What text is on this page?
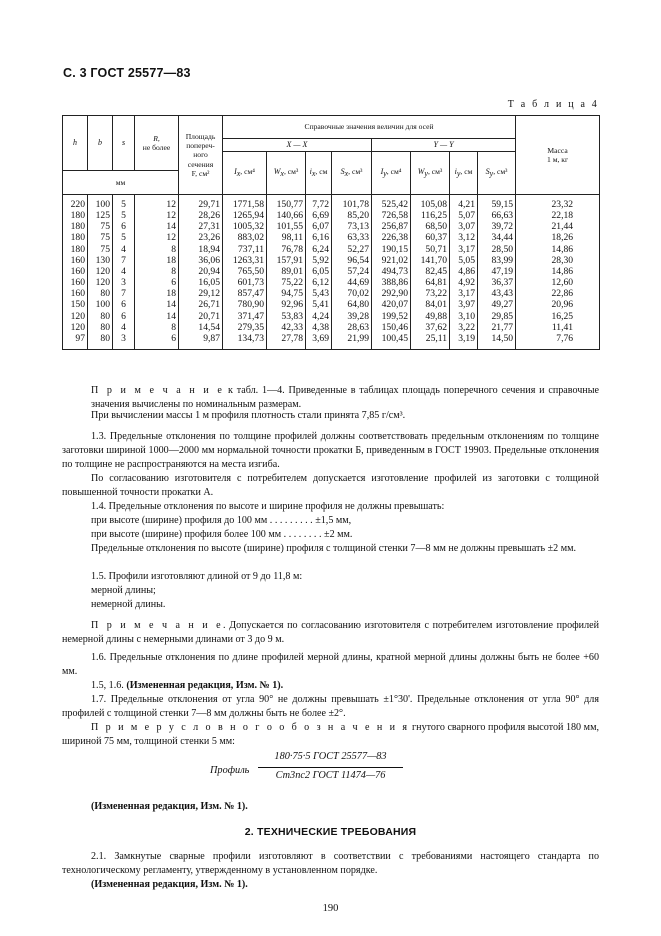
С. 3 ГОСТ 25577—83
Т а б л и ц а 4
h	b	s	R,
не более	Площадь
попереч-
ного
сечения
F, см²	Справочные значения величин для осей								Масса
1 м, кг
					X — X				Y — Y				
					$I_x$, см⁴	$W_x$, см³	$i_x$, см	$S_x$, см³	$I_y$, см⁴	$W_y$, см³	$i_y$, см	$S_y$, см³	
мм													
220	100	5	12	29,71	1771,58	150,77	7,72	101,78	525,42	105,08	4,21	59,15	23,32
180	125	5	12	28,26	1265,94	140,66	6,69	85,20	726,58	116,25	5,07	66,63	22,18
180	75	6	14	27,31	1005,32	101,55	6,07	73,13	256,87	68,50	3,07	39,72	21,44
180	75	5	12	23,26	883,02	98,11	6,16	63,33	226,38	60,37	3,12	34,44	18,26
180	75	4	8	18,94	737,11	76,78	6,24	52,27	190,15	50,71	3,17	28,50	14,86
160	130	7	18	36,06	1263,31	157,91	5,92	96,54	921,02	141,70	5,05	83,99	28,30
160	120	4	8	20,94	765,50	89,01	6,05	57,24	494,73	82,45	4,86	47,19	14,86
160	120	3	6	16,05	601,73	75,22	6,12	44,69	388,86	64,81	4,92	36,37	12,60
160	80	7	18	29,12	857,47	94,75	5,43	70,02	292,90	73,22	3,17	43,43	22,86
150	100	6	14	26,71	780,90	92,96	5,41	64,80	420,07	84,01	3,97	49,27	20,96
120	80	6	14	20,71	371,47	53,83	4,24	39,28	199,52	49,88	3,10	29,85	16,25
120	80	4	8	14,54	279,35	42,33	4,38	28,63	150,46	37,62	3,22	21,77	11,41
97	80	3	6	9,87	134,73	27,78	3,69	21,99	100,45	25,11	3,19	14,50	7,76
П р и м е ч а н и е к табл. 1—4. Приведенные в таблицах площадь поперечного сечения и справочные значения вычислены по номинальным размерам.
При вычислении массы 1 м профиля плотность стали принята 7,85 г/см³.
1.3. Предельные отклонения по толщине профилей должны соответствовать предельным отклонениям по толщине заготовки шириной 1000—2000 мм нормальной точности прокатки Б, приведенным в ГОСТ 19903. Предельные отклонения по толщине не распространяются на места изгиба.
По согласованию изготовителя с потребителем допускается изготовление профилей из заготовки с толщиной повышенной точности прокатки А.
1.4. Предельные отклонения по высоте и ширине профиля не должны превышать:
при высоте (ширине) профиля до 100 мм . . . . . . . . . ±1,5 мм,
при высоте (ширине) профиля более 100 мм . . . . . . . . ±2 мм.
Предельные отклонения по высоте (ширине) профиля с толщиной стенки 7—8 мм не должны превышать ±2 мм.
1.5. Профили изготовляют длиной от 9 до 11,8 м:
мерной длины;
немерной длины.
П р и м е ч а н и е. Допускается по согласованию изготовителя с потребителем изготовление профилей немерной длины с немерными длинами от 3 до 9 м.
1.6. Предельные отклонения по длине профилей мерной длины, кратной мерной длины должны быть не более +60 мм.
1.5, 1.6. (Измененная редакция, Изм. № 1).
1.7. Предельные отклонения от угла 90° не должны превышать ±1°30'. Предельные отклонения от угла 90° для профилей с толщиной стенки 7—8 мм должны быть не более ±2°.
П р и м е р у с л о в н о г о о б о з н а ч е н и я гнутого сварного профиля высотой 180 мм, шириной 75 мм, толщиной стенки 5 мм:
Профиль
180·75·5 ГОСТ 25577—83
Ст3пс2 ГОСТ 11474—76
(Измененная редакция, Изм. № 1).
2. ТЕХНИЧЕСКИЕ ТРЕБОВАНИЯ
2.1. Замкнутые сварные профили изготовляют в соответствии с требованиями настоящего стандарта по технологическому регламенту, утвержденному в установленном порядке.
(Измененная редакция, Изм. № 1).
190
